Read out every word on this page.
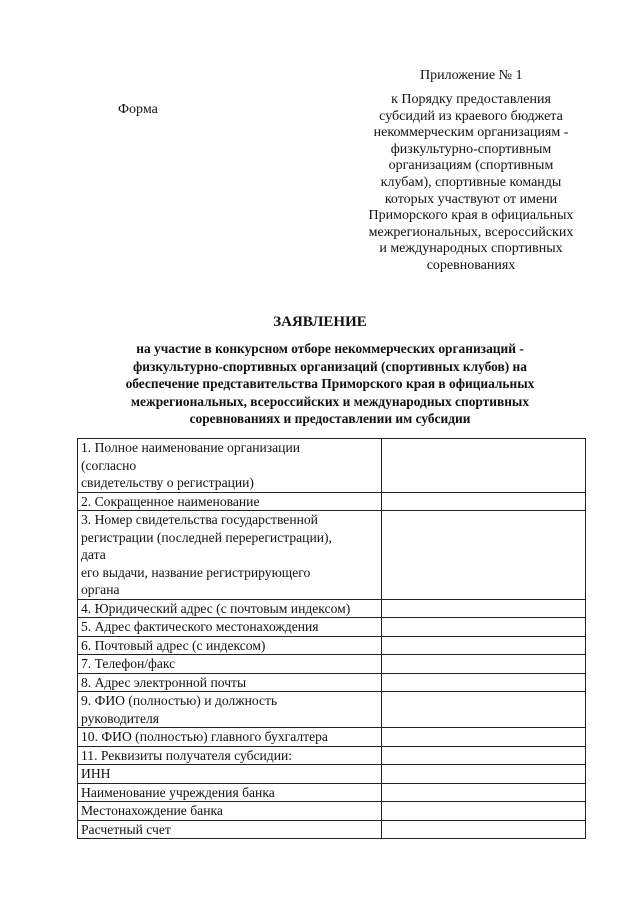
Приложение № 1
Форма
к Порядку предоставления
субсидий из краевого бюджета
некоммерческим организациям -
физкультурно-спортивным
организациям (спортивным
клубам), спортивные команды
которых участвуют от имени
Приморского края в официальных
межрегиональных, всероссийских
и международных спортивных
соревнованиях
ЗАЯВЛЕНИЕ
на участие в конкурсном отборе некоммерческих организаций -
физкультурно-спортивных организаций (спортивных клубов) на
обеспечение представительства Приморского края в официальных
межрегиональных, всероссийских и международных спортивных
соревнованиях и предоставлении им субсидии
1. Полное наименование организации
(согласно
свидетельству о регистрации)	

2. Сокращенное наименование	

3. Номер свидетельства государственной
регистрации (последней перерегистрации),
дата
его выдачи, название регистрирующего
органа	

4. Юридический адрес (с почтовым индексом)	

5. Адрес фактического местонахождения	

6. Почтовый адрес (с индексом)	

7. Телефон/факс	

8. Адрес электронной почты	

9. ФИО (полностью) и должность
руководителя	

10. ФИО (полностью) главного бухгалтера	

11. Реквизиты получателя субсидии:	

ИНН	

Наименование учреждения банка	

Местонахождение банка	

Расчетный счет	
